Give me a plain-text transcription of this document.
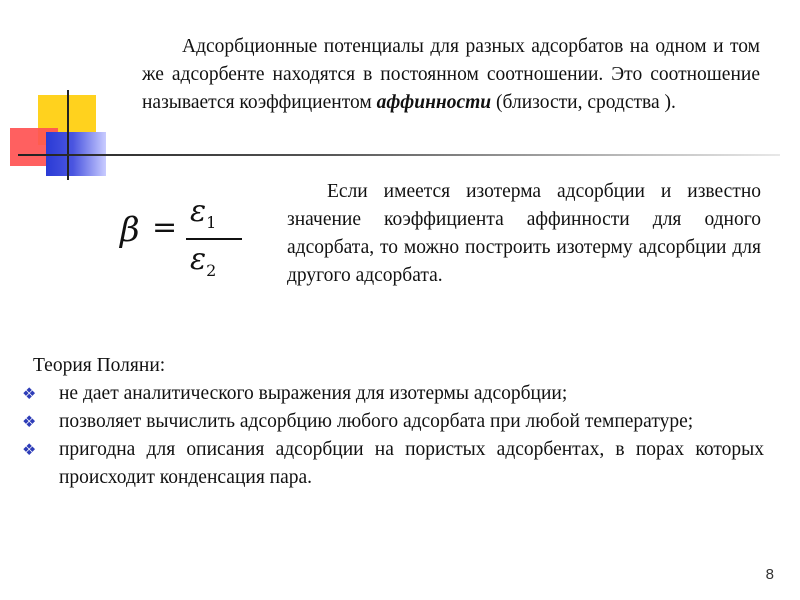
Адсорбционные потенциалы для разных адсорбатов на одном и том же адсорбенте находятся в постоянном соотношении. Это соотношение называется коэффициентом аффинности (близости, сродства ).

$\beta = \varepsilon_1$
$\varepsilon_2$

Если имеется изотерма адсорбции и известно значение коэффициента аффинности для одного адсорбата, то можно построить изотерму адсорбции для другого адсорбата.

Теория Поляни:

❖ не дает аналитического выражения для изотермы адсорбции;
❖ позволяет вычислить адсорбцию любого адсорбата при любой температуре;
❖ пригодна для описания адсорбции на пористых адсорбентах, в порах которых происходит конденсация пара.
8
